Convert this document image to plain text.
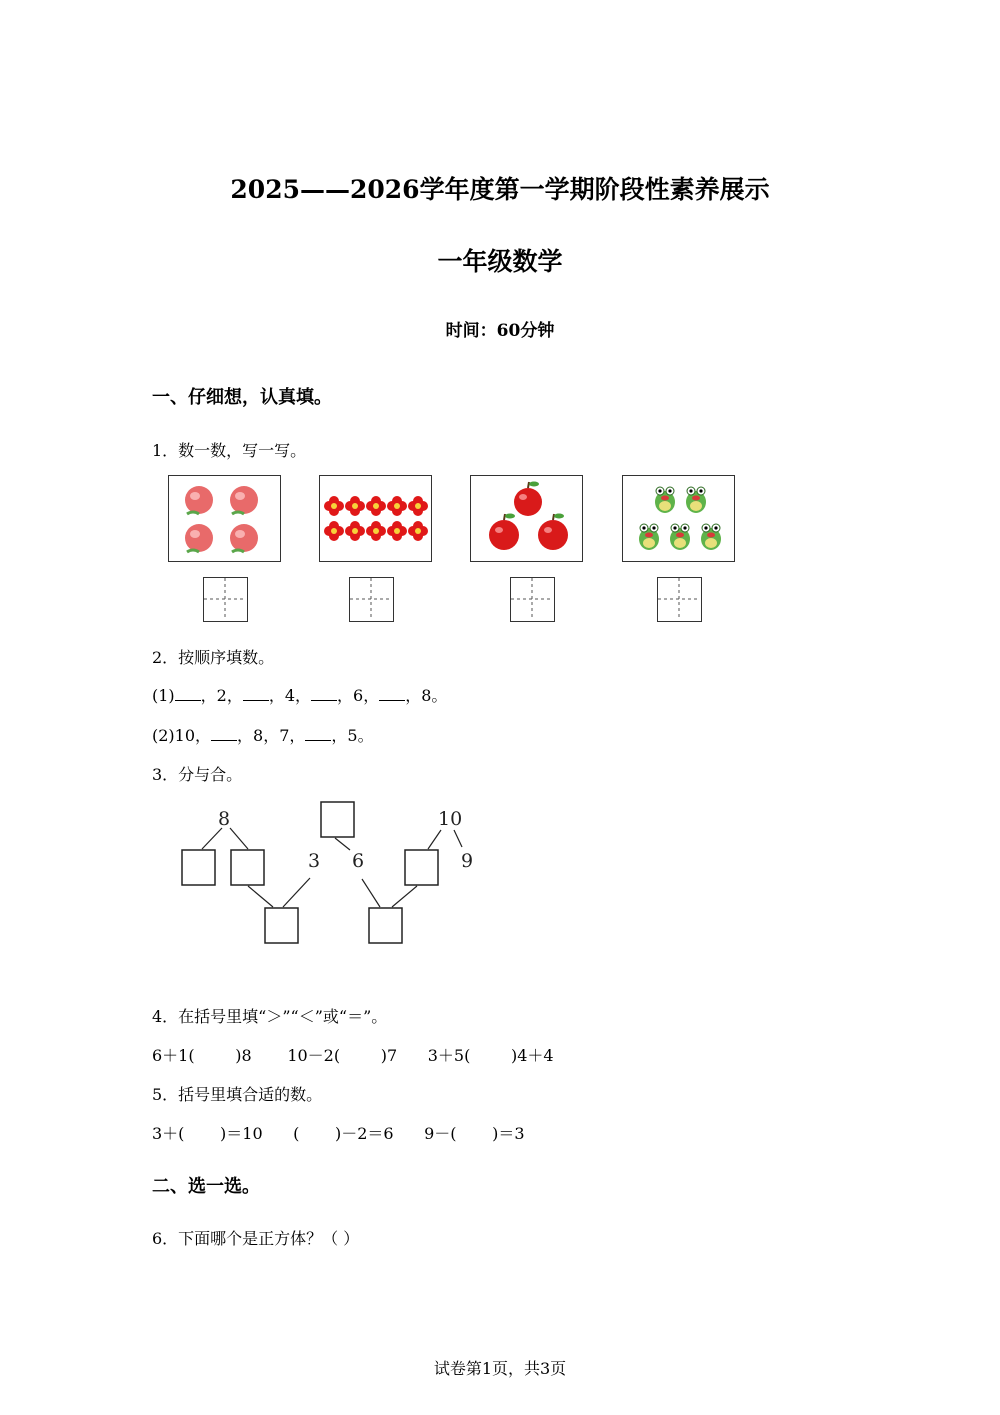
2025——2026学年度第一学期阶段性素养展示
一年级数学
时间：60分钟
一、仔细想，认真填。
1．数一数，写一写。
2．按顺序填数。
(1) ，2， ，4， ，6， ，8。
(2)10， ，8，7， ，5。
3．分与合。
8
3 6
10
9
4．在括号里填“＞”“＜”或“＝”。
6＋1(        )8       10－2(        )7      3＋5(        )4＋4
5．括号里填合适的数。
3＋(       )＝10      (       )－2＝6      9－(       )＝3
二、选一选。
6．下面哪个是正方体？（ ）
试卷第1页，共3页
